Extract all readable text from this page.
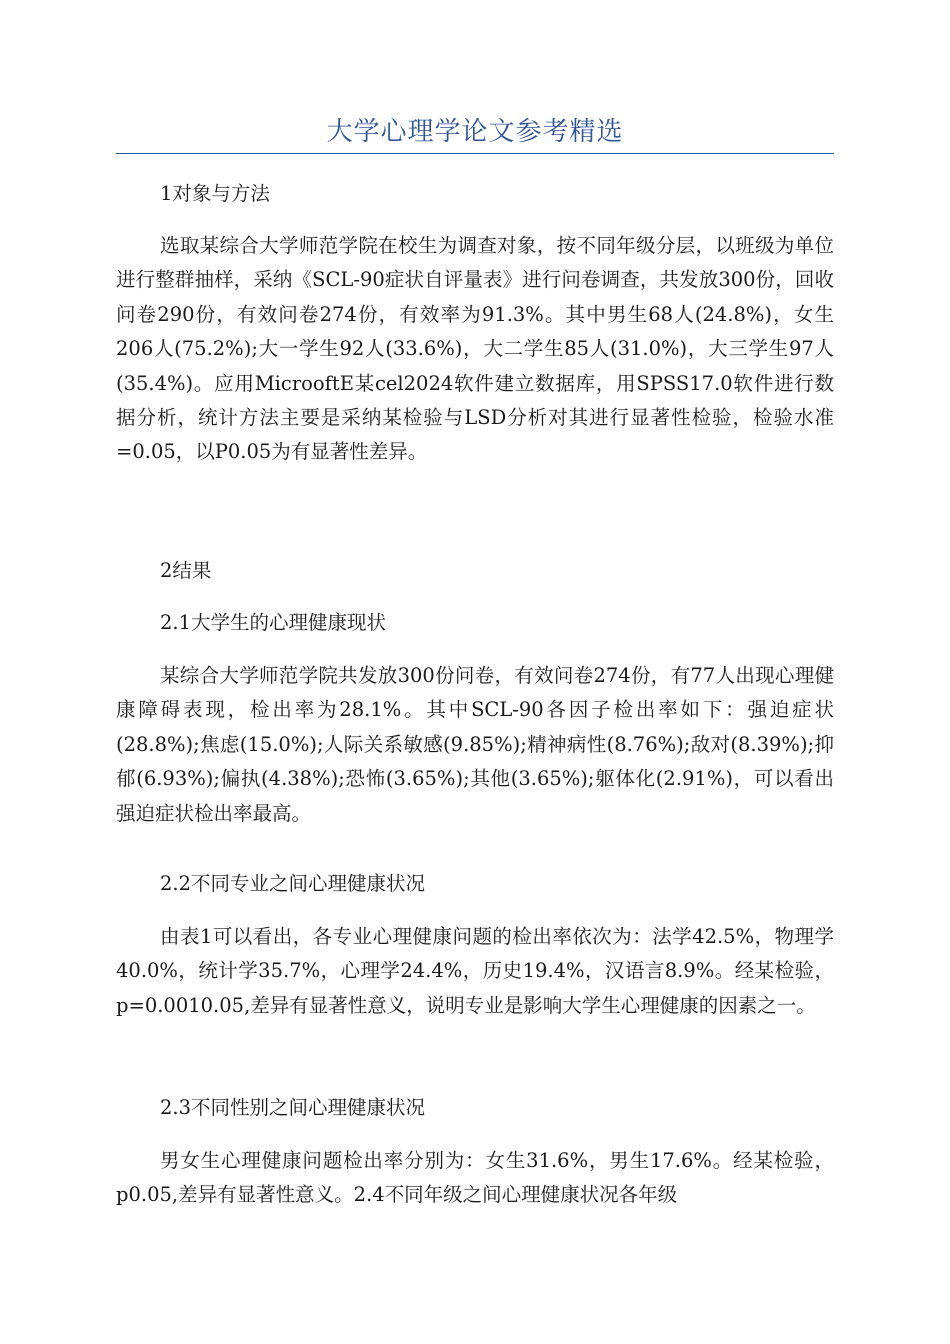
大学心理学论文参考精选

1对象与方法

选取某综合大学师范学院在校生为调查对象，按不同年级分层，以班级为单位进行整群抽样，采纳《SCL-90症状自评量表》进行问卷调查，共发放300份，回收问卷290份，有效问卷274份，有效率为91.3%。其中男生68人(24.8%)，女生206人(75.2%);大一学生92人(33.6%)，大二学生85人(31.0%)，大三学生97人(35.4%)。应用MicrooftE某cel2024软件建立数据库，用SPSS17.0软件进行数据分析，统计方法主要是采纳某检验与LSD分析对其进行显著性检验，检验水准=0.05，以P0.05为有显著性差异。

2结果

2.1大学生的心理健康现状

某综合大学师范学院共发放300份问卷，有效问卷274份，有77人出现心理健康障碍表现，检出率为28.1%。其中SCL-90各因子检出率如下：强迫症状(28.8%);焦虑(15.0%);人际关系敏感(9.85%);精神病性(8.76%);敌对(8.39%);抑郁(6.93%);偏执(4.38%);恐怖(3.65%);其他(3.65%);躯体化(2.91%)，可以看出强迫症状检出率最高。

2.2不同专业之间心理健康状况

由表1可以看出，各专业心理健康问题的检出率依次为：法学42.5%，物理学40.0%，统计学35.7%，心理学24.4%，历史19.4%，汉语言8.9%。经某检验，p=0.0010.05,差异有显著性意义，说明专业是影响大学生心理健康的因素之一。

2.3不同性别之间心理健康状况

男女生心理健康问题检出率分别为：女生31.6%，男生17.6%。经某检验，p0.05,差异有显著性意义。2.4不同年级之间心理健康状况各年级
